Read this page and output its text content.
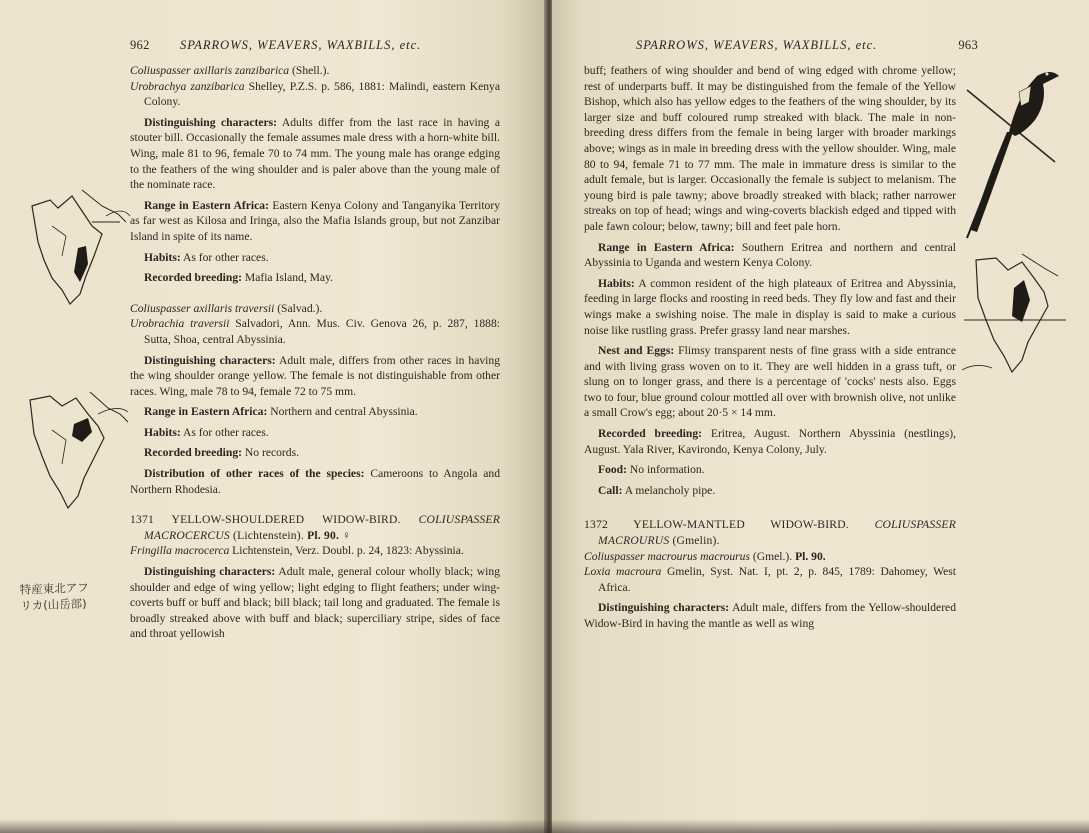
962 SPARROWS, WEAVERS, WAXBILLS, etc.
特産東北アフ
リカ(山岳部)

Coliuspasser axillaris zanzibarica (Shell.).

Urobrachya zanzibarica Shelley, P.Z.S. p. 586, 1881: Malindi, eastern Kenya Colony.

Distinguishing characters: Adults differ from the last race in having a stouter bill. Occasionally the female assumes male dress with a horn-white bill. Wing, male 81 to 96, female 70 to 74 mm. The young male has orange edging to the feathers of the wing shoulder and is paler above than the young male of the nominate race.

Range in Eastern Africa: Eastern Kenya Colony and Tanganyika Territory as far west as Kilosa and Iringa, also the Mafia Islands group, but not Zanzibar Island in spite of its name.

Habits: As for other races.

Recorded breeding: Mafia Island, May.

Coliuspasser axillaris traversii (Salvad.).

Urobrachia traversii Salvadori, Ann. Mus. Civ. Genova 26, p. 287, 1888: Sutta, Shoa, central Abyssinia.

Distinguishing characters: Adult male, differs from other races in having the wing shoulder orange yellow. The female is not distinguishable from other races. Wing, male 78 to 94, female 72 to 75 mm.

Range in Eastern Africa: Northern and central Abyssinia.

Habits: As for other races.

Recorded breeding: No records.

Distribution of other races of the species: Cameroons to Angola and Northern Rhodesia.

1371 YELLOW-SHOULDERED WIDOW-BIRD. COLIUSPASSER MACROCERCUS (Lichtenstein). Pl. 90. ♀

Fringilla macrocerca Lichtenstein, Verz. Doubl. p. 24, 1823: Abyssinia.

Distinguishing characters: Adult male, general colour wholly black; wing shoulder and edge of wing yellow; light edging to flight feathers; under wing-coverts buff or buff and black; bill black; tail long and graduated. The female is broadly streaked above with buff and black; superciliary stripe, sides of face and throat yellowish

SPARROWS, WEAVERS, WAXBILLS, etc.	963

buff; feathers of wing shoulder and bend of wing edged with chrome yellow; rest of underparts buff. It may be distinguished from the female of the Yellow Bishop, which also has yellow edges to the feathers of the wing shoulder, by its larger size and buff coloured rump streaked with black. The male in non-breeding dress differs from the female in being larger with broader markings above; wings as in male in breeding dress with the yellow shoulder. Wing, male 80 to 94, female 71 to 77 mm. The male in immature dress is similar to the adult female, but is larger. Occasionally the female is subject to melanism. The young bird is pale tawny; above broadly streaked with black; rather narrower streaks on top of head; wings and wing-coverts blackish edged and tipped with pale fawn colour; below, tawny; bill and feet pale horn.

Range in Eastern Africa: Southern Eritrea and northern and central Abyssinia to Uganda and western Kenya Colony.

Habits: A common resident of the high plateaux of Eritrea and Abyssinia, feeding in large flocks and roosting in reed beds. They fly low and fast and their wings make a swishing noise. The male in display is said to make a curious noise like rustling grass. Prefer grassy land near marshes.

Nest and Eggs: Flimsy transparent nests of fine grass with a side entrance and with living grass woven on to it. They are well hidden in a grass tuft, or slung on to longer grass, and there is a percentage of 'cocks' nests also. Eggs two to four, blue ground colour mottled all over with brownish olive, not unlike a small Crow's egg; about 20·5 × 14 mm.

Recorded breeding: Eritrea, August. Northern Abyssinia (nestlings), August. Yala River, Kavirondo, Kenya Colony, July.

Food: No information.

Call: A melancholy pipe.

1372 YELLOW-MANTLED WIDOW-BIRD. COLIUSPASSER MACROURUS (Gmelin).

Coliuspasser macrourus macrourus (Gmel.). Pl. 90.

Loxia macroura Gmelin, Syst. Nat. I, pt. 2, p. 845, 1789: Dahomey, West Africa.

Distinguishing characters: Adult male, differs from the Yellow-shouldered Widow-Bird in having the mantle as well as wing
